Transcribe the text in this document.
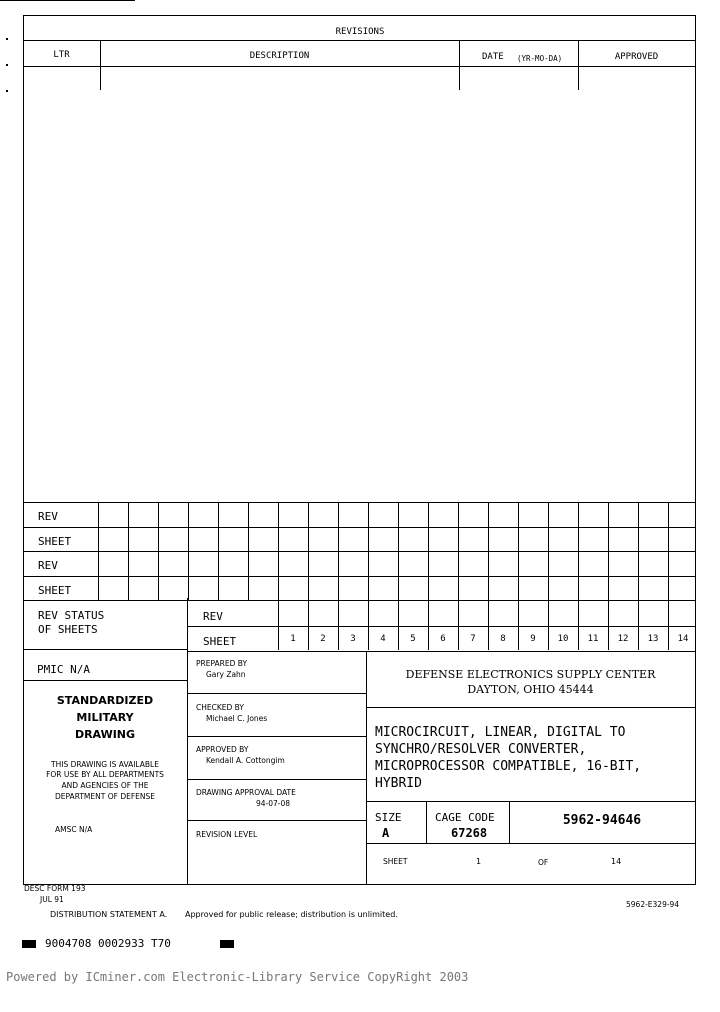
REVISIONS
LTR	DESCRIPTION	DATE (YR-MO-DA)	APPROVED
REV
SHEET
REV
SHEET
REV STATUS
OF SHEETS
REV
SHEET	1	2	3	4	5	6	7	8	9	10	11	12	13	14
PMIC N/A
STANDARDIZED
MILITARY
DRAWING
THIS DRAWING IS AVAILABLE
FOR USE BY ALL DEPARTMENTS
AND AGENCIES OF THE
DEPARTMENT OF DEFENSE
AMSC N/A
PREPARED BY
Gary Zahn
CHECKED BY
Michael C. Jones
APPROVED BY
Kendall A. Cottongim
DRAWING APPROVAL DATE
94-07-08
REVISION LEVEL
DEFENSE ELECTRONICS SUPPLY CENTER
DAYTON, OHIO 45444
MICROCIRCUIT, LINEAR, DIGITAL TO
SYNCHRO/RESOLVER CONVERTER,
MICROPROCESSOR COMPATIBLE, 16-BIT,
HYBRID
SIZE
A
CAGE CODE
67268
5962-94646
SHEET	1	OF	14
DESC FORM 193
JUL 91
DISTRIBUTION STATEMENT A. Approved for public release; distribution is unlimited.
5962-E329-94
9004708 0002933 T70
Powered by ICminer.com Electronic-Library Service CopyRight 2003
